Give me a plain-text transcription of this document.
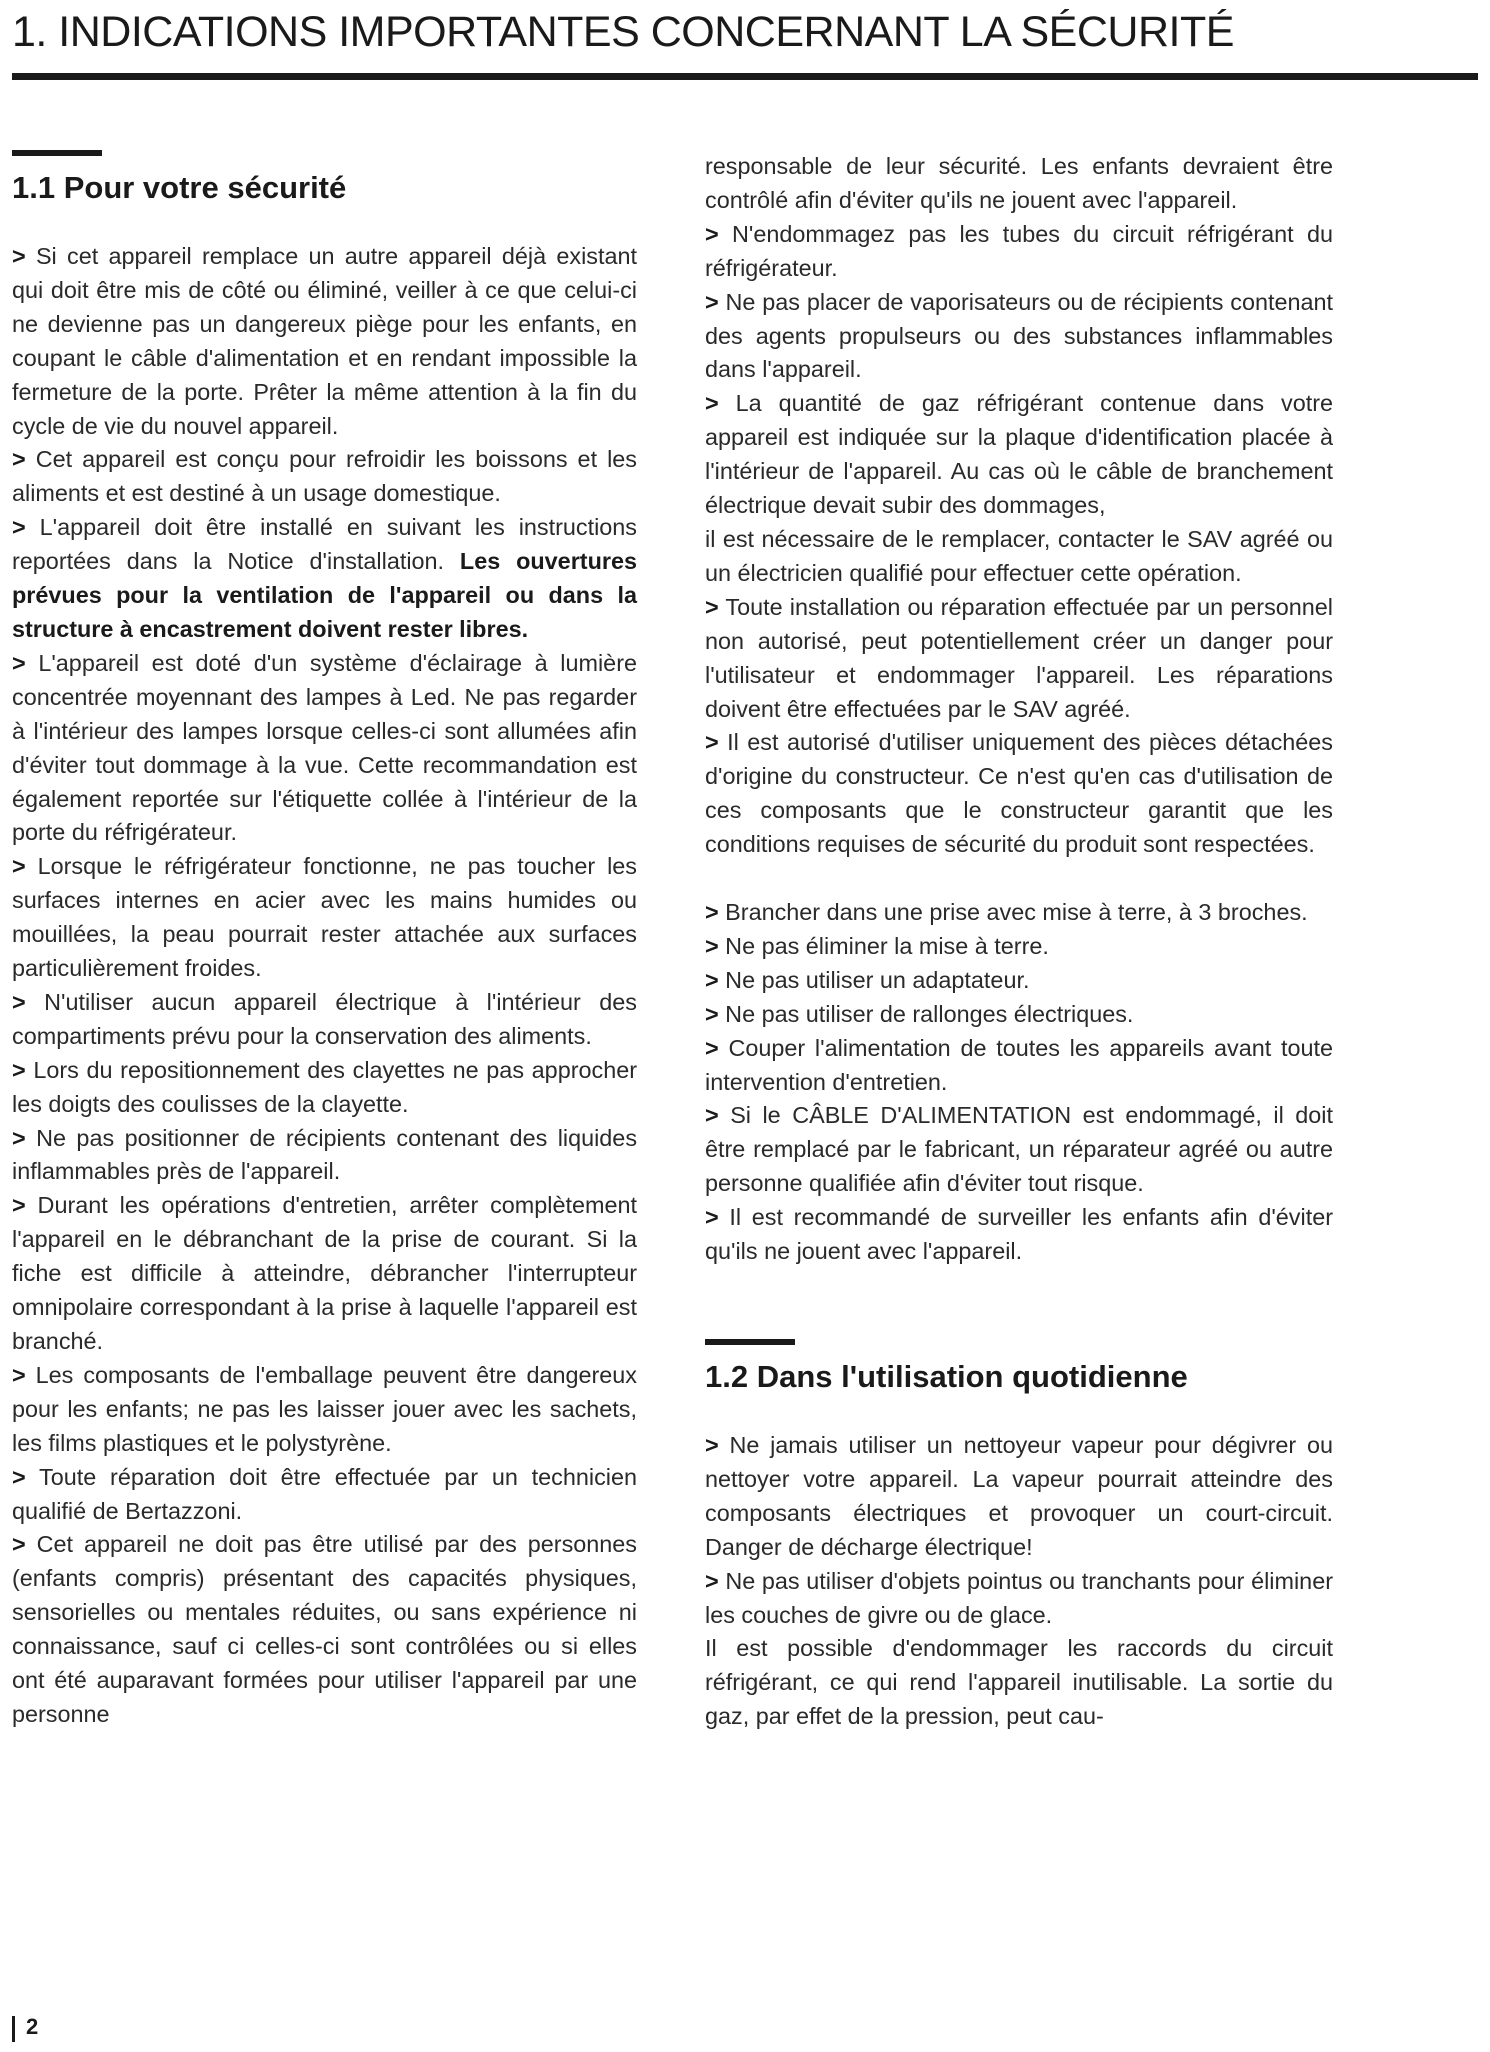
1. INDICATIONS IMPORTANTES CONCERNANT LA SÉCURITÉ
1.1 Pour votre sécurité

> Si cet appareil remplace un autre appareil déjà existant qui doit être mis de côté ou éliminé, veiller à ce que celui-ci ne devienne pas un dangereux piège pour les enfants, en coupant le câble d'alimentation et en rendant impossible la fermeture de la porte. Prêter la même attention à la fin du cycle de vie du nouvel appareil.

> Cet appareil est conçu pour refroidir les boissons et les aliments et est destiné à un usage domestique.

> L'appareil doit être installé en suivant les instructions reportées dans la Notice d'installation. Les ouvertures prévues pour la ventilation de l'appareil ou dans la structure à encastrement doivent rester libres.

> L'appareil est doté d'un système d'éclairage à lumière concentrée moyennant des lampes à Led. Ne pas regarder à l'intérieur des lampes lorsque celles-ci sont allumées afin d'éviter tout dommage à la vue. Cette recommandation est également reportée sur l'étiquette collée à l'intérieur de la porte du réfrigérateur.

> Lorsque le réfrigérateur fonctionne, ne pas toucher les surfaces internes en acier avec les mains humides ou mouillées, la peau pourrait rester attachée aux surfaces particulièrement froides.

> N'utiliser aucun appareil électrique à l'intérieur des compartiments prévu pour la conservation des aliments.

> Lors du repositionnement des clayettes ne pas approcher les doigts des coulisses de la clayette.

> Ne pas positionner de récipients contenant des liquides inflammables près de l'appareil.

> Durant les opérations d'entretien, arrêter complètement l'appareil en le débranchant de la prise de courant. Si la fiche est difficile à atteindre, débrancher l'interrupteur omnipolaire correspondant à la prise à laquelle l'appareil est branché.

> Les composants de l'emballage peuvent être dangereux pour les enfants; ne pas les laisser jouer avec les sachets, les films plastiques et le polystyrène.

> Toute réparation doit être effectuée par un technicien qualifié de Bertazzoni.

> Cet appareil ne doit pas être utilisé par des personnes (enfants compris) présentant des capacités physiques, sensorielles ou mentales réduites, ou sans expérience ni connaissance, sauf ci celles-ci sont contrôlées ou si elles ont été auparavant formées pour utiliser l'appareil par une personne

responsable de leur sécurité. Les enfants devraient être contrôlé afin d'éviter qu'ils ne jouent avec l'appareil.

> N'endommagez pas les tubes du circuit réfrigérant du réfrigérateur.

> Ne pas placer de vaporisateurs ou de récipients contenant des agents propulseurs ou des substances inflammables dans l'appareil.

> La quantité de gaz réfrigérant contenue dans votre appareil est indiquée sur la plaque d'identification placée à l'intérieur de l'appareil. Au cas où le câble de branchement électrique devait subir des dommages,

il est nécessaire de le remplacer, contacter le SAV agréé ou un électricien qualifié pour effectuer cette opération.

> Toute installation ou réparation effectuée par un personnel non autorisé, peut potentiellement créer un danger pour l'utilisateur et endommager l'appareil. Les réparations doivent être effectuées par le SAV agréé.

> Il est autorisé d'utiliser uniquement des pièces détachées d'origine du constructeur. Ce n'est qu'en cas d'utilisation de ces composants que le constructeur garantit que les conditions requises de sécurité du produit sont respectées.

> Brancher dans une prise avec mise à terre, à 3 broches.

> Ne pas éliminer la mise à terre.

> Ne pas utiliser un adaptateur.

> Ne pas utiliser de rallonges électriques.

> Couper l'alimentation de toutes les appareils avant toute intervention d'entretien.

> Si le CÂBLE D'ALIMENTATION est endommagé, il doit être remplacé par le fabricant, un réparateur agréé ou autre personne qualifiée afin d'éviter tout risque.

> Il est recommandé de surveiller les enfants afin d'éviter qu'ils ne jouent avec l'appareil.

1.2 Dans l'utilisation quotidienne

> Ne jamais utiliser un nettoyeur vapeur pour dégivrer ou nettoyer votre appareil. La vapeur pourrait atteindre des composants électriques et provoquer un court-circuit. Danger de décharge électrique!

> Ne pas utiliser d'objets pointus ou tranchants pour éliminer les couches de givre ou de glace.

Il est possible d'endommager les raccords du circuit réfrigérant, ce qui rend l'appareil inutilisable. La sortie du gaz, par effet de la pression, peut cau-

2
